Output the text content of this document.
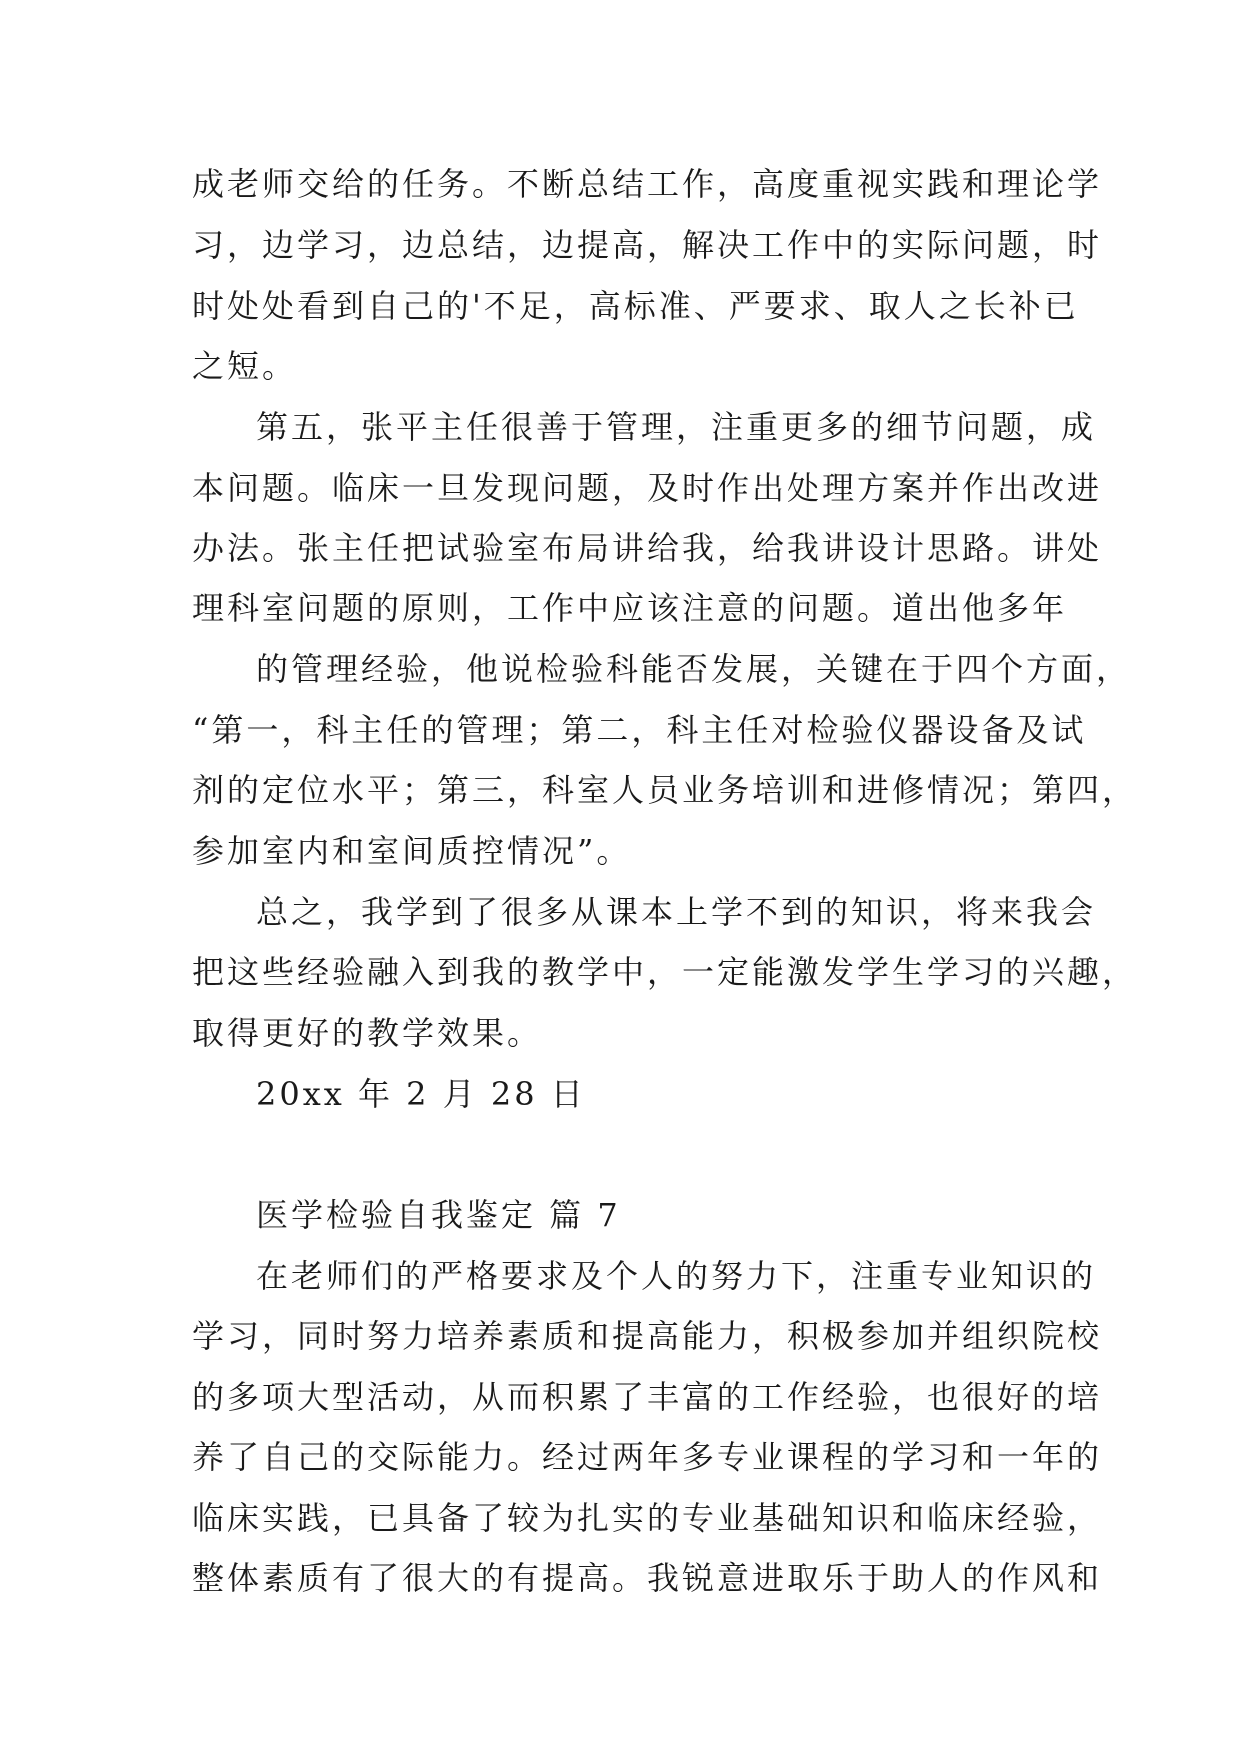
成老师交给的任务。不断总结工作，高度重视实践和理论学
习，边学习，边总结，边提高，解决工作中的实际问题，时
时处处看到自己的'不足，高标准、严要求、取人之长补已
之短。
第五，张平主任很善于管理，注重更多的细节问题，成
本问题。临床一旦发现问题，及时作出处理方案并作出改进
办法。张主任把试验室布局讲给我，给我讲设计思路。讲处
理科室问题的原则，工作中应该注意的问题。道出他多年
的管理经验，他说检验科能否发展，关键在于四个方面，
“第一，科主任的管理；第二，科主任对检验仪器设备及试
剂的定位水平；第三，科室人员业务培训和进修情况；第四，
参加室内和室间质控情况”。
总之，我学到了很多从课本上学不到的知识，将来我会
把这些经验融入到我的教学中，一定能激发学生学习的兴趣，
取得更好的教学效果。
20xx 年 2 月 28 日
医学检验自我鉴定 篇 7
在老师们的严格要求及个人的努力下，注重专业知识的
学习，同时努力培养素质和提高能力，积极参加并组织院校
的多项大型活动，从而积累了丰富的工作经验，也很好的培
养了自己的交际能力。经过两年多专业课程的学习和一年的
临床实践，已具备了较为扎实的专业基础知识和临床经验，
整体素质有了很大的有提高。我锐意进取乐于助人的作风和
